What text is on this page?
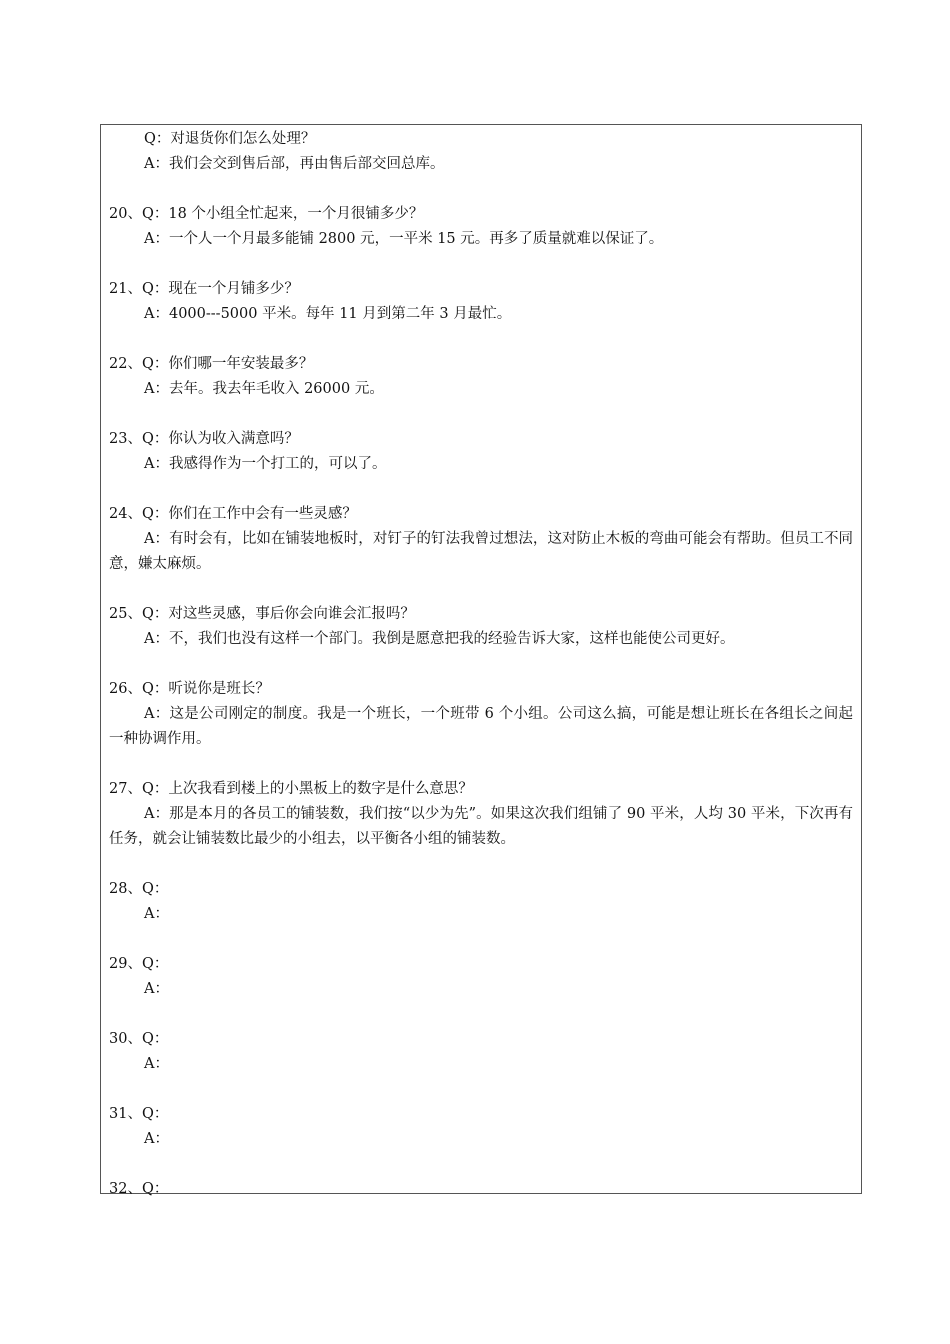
Q：对退货你们怎么处理？
A：我们会交到售后部，再由售后部交回总库。
20、Q：18 个小组全忙起来，一个月很铺多少？
A：一个人一个月最多能铺 2800 元，一平米 15 元。再多了质量就难以保证了。
21、Q：现在一个月铺多少？
A：4000---5000 平米。每年 11 月到第二年 3 月最忙。
22、Q：你们哪一年安装最多？
A：去年。我去年毛收入 26000 元。
23、Q：你认为收入满意吗？
A：我感得作为一个打工的，可以了。
24、Q：你们在工作中会有一些灵感？
A：有时会有，比如在铺装地板时，对钉子的钉法我曾过想法，这对防止木板的弯曲可能会有帮助。但员工不同意，嫌太麻烦。
25、Q：对这些灵感，事后你会向谁会汇报吗？
A：不，我们也没有这样一个部门。我倒是愿意把我的经验告诉大家，这样也能使公司更好。
26、Q：听说你是班长？
A：这是公司刚定的制度。我是一个班长，一个班带 6 个小组。公司这么搞，可能是想让班长在各组长之间起一种协调作用。
27、Q：上次我看到楼上的小黑板上的数字是什么意思？
A：那是本月的各员工的铺装数，我们按“以少为先”。如果这次我们组铺了 90 平米，人均 30 平米，下次再有任务，就会让铺装数比最少的小组去，以平衡各小组的铺装数。
28、Q：
A：
29、Q：
A：
30、Q：
A：
31、Q：
A：
32、Q：
